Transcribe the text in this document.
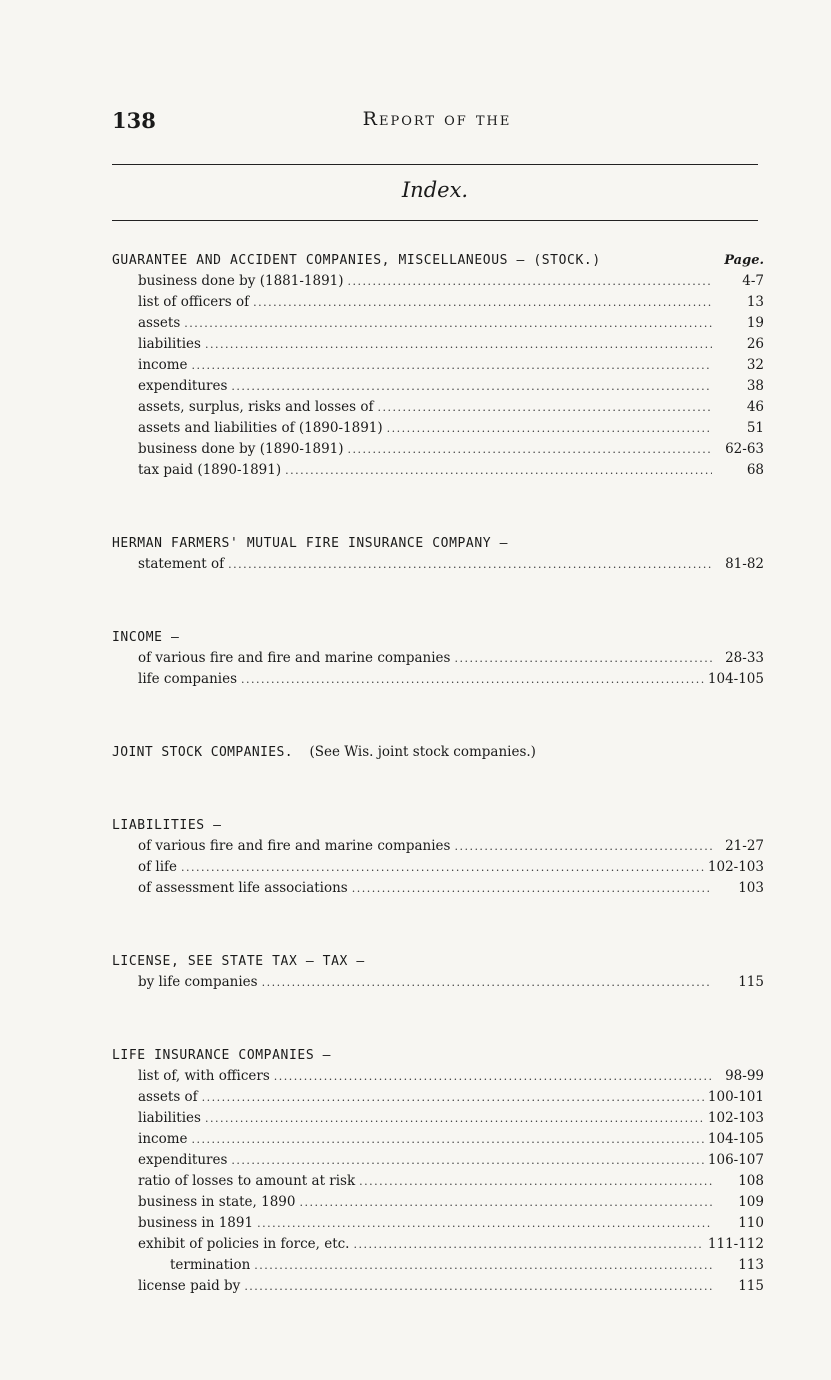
138	Report of the
Index.
GUARANTEE AND ACCIDENT COMPANIES, MISCELLANEOUS — (STOCK.)	Page.
business done by (1881-1891) .....	4-7
list of officers of .....	13
assets .....	19
liabilities .....	26
income .....	32
expenditures .....	38
assets, surplus, risks and losses of .....	46
assets and liabilities of (1890-1891) .....	51
business done by (1890-1891) .....	62-63
tax paid (1890-1891) .....	68
HERMAN FARMERS' MUTUAL FIRE INSURANCE COMPANY —
statement of .....	81-82
INCOME —
of various fire and fire and marine companies .....	28-33
life companies .....	104-105
JOINT STOCK COMPANIES. (See Wis. joint stock companies.)
LIABILITIES —
of various fire and fire and marine companies .....	21-27
of life .....	102-103
of assessment life associations .....	103
LICENSE, SEE STATE TAX — TAX —
by life companies .....	115
LIFE INSURANCE COMPANIES —
list of, with officers .....	98-99
assets of .....	100-101
liabilities .....	102-103
income .....	104-105
expenditures .....	106-107
ratio of losses to amount at risk .....	108
business in state, 1890 .....	109
business in 1891 .....	110
exhibit of policies in force, etc. .....	111-112
termination .....	113
license paid by .....	115
